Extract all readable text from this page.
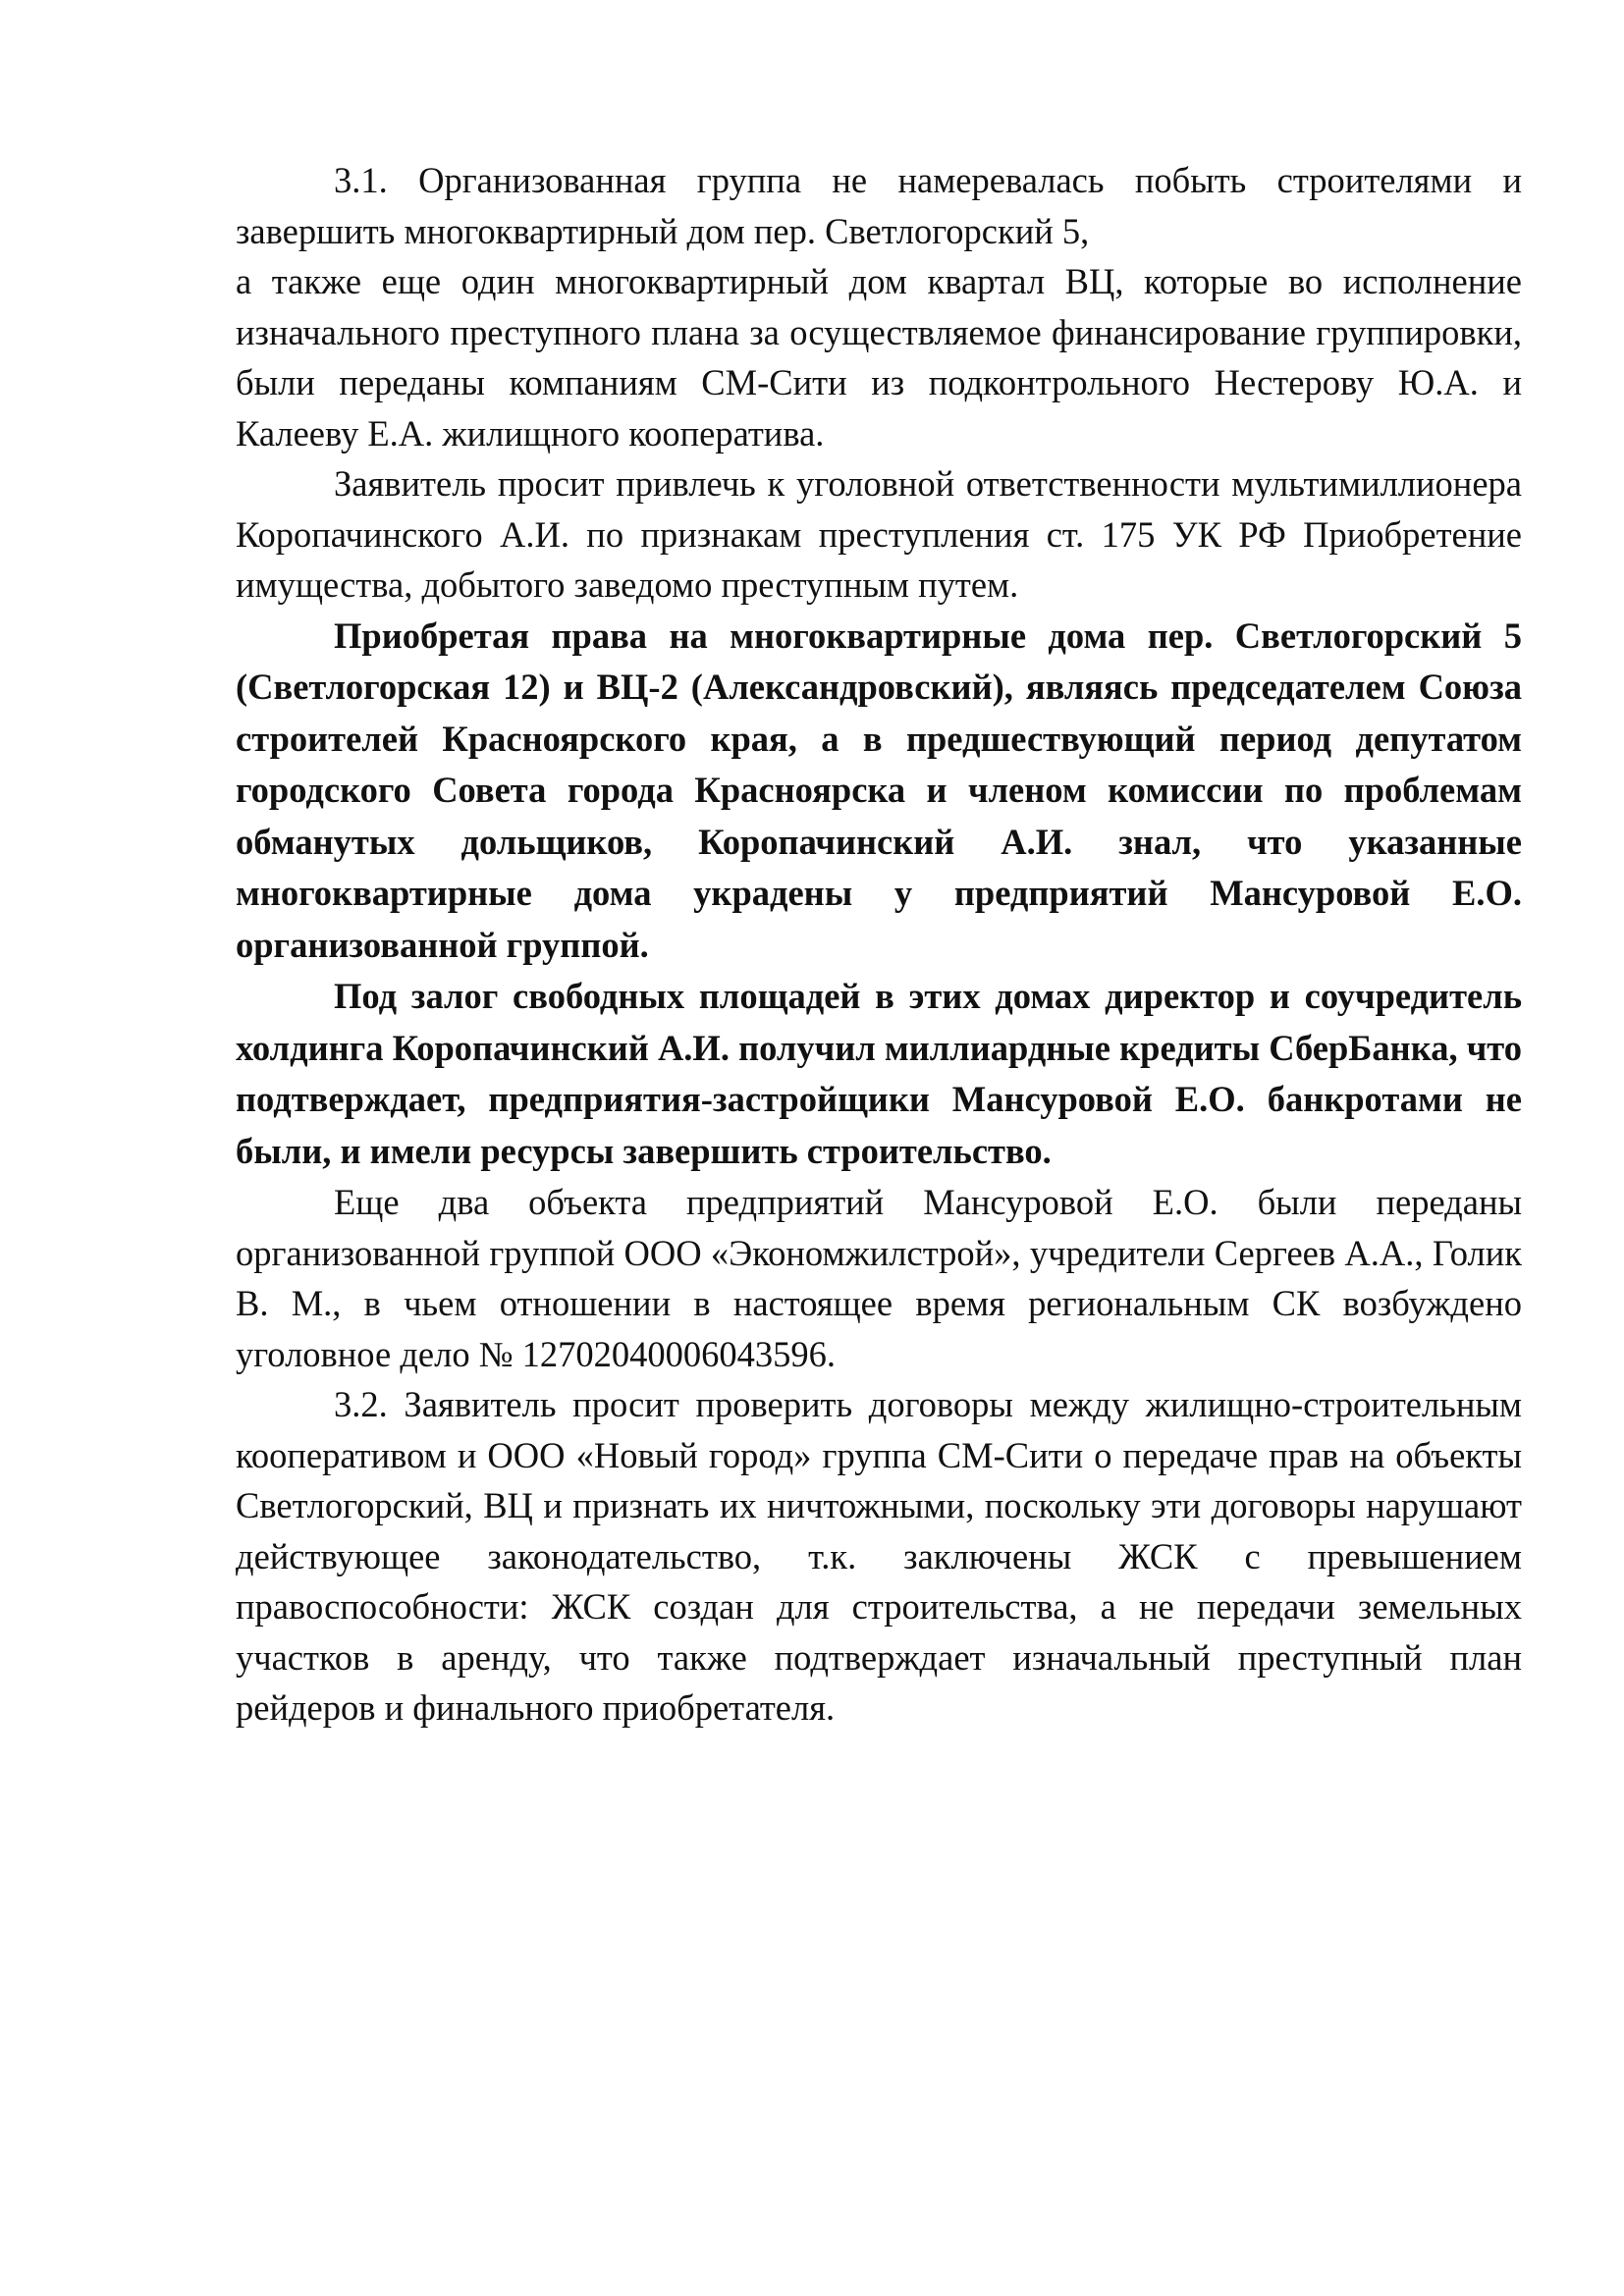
3.1. Организованная группа не намеревалась побыть строителями и завершить многоквартирный дом пер. Светлогорский 5,

а также еще один многоквартирный дом квартал ВЦ, которые во исполнение изначального преступного плана за осуществляемое финансирование группировки, были переданы компаниям СМ-Сити из подконтрольного Нестерову Ю.А. и Калееву Е.А. жилищного кооператива.

Заявитель просит привлечь к уголовной ответственности мультимиллионера Коропачинского А.И. по признакам преступления ст. 175 УК РФ Приобретение имущества, добытого заведомо преступным путем.

Приобретая права на многоквартирные дома пер. Светлогорский 5 (Светлогорская 12) и ВЦ-2 (Александровский), являясь председателем Союза строителей Красноярского края, а в предшествующий период депутатом городского Совета города Красноярска и членом комиссии по проблемам обманутых дольщиков, Коропачинский А.И. знал, что указанные многоквартирные дома украдены у предприятий Мансуровой Е.О. организованной группой.

Под залог свободных площадей в этих домах директор и соучредитель холдинга Коропачинский А.И. получил миллиардные кредиты СберБанка, что подтверждает, предприятия-застройщики Мансуровой Е.О. банкротами не были, и имели ресурсы завершить строительство.

Еще два объекта предприятий Мансуровой Е.О. были переданы организованной группой ООО «Экономжилстрой», учредители Сергеев А.А., Голик В. М., в чьем отношении в настоящее время региональным СК возбуждено уголовное дело № 12702040006043596.

3.2. Заявитель просит проверить договоры между жилищно-строительным кооперативом и ООО «Новый город» группа СМ-Сити о передаче прав на объекты Светлогорский, ВЦ и признать их ничтожными, поскольку эти договоры нарушают действующее законодательство, т.к. заключены ЖСК с превышением правоспособности: ЖСК создан для строительства, а не передачи земельных участков в аренду, что также подтверждает изначальный преступный план рейдеров и финального приобретателя.
